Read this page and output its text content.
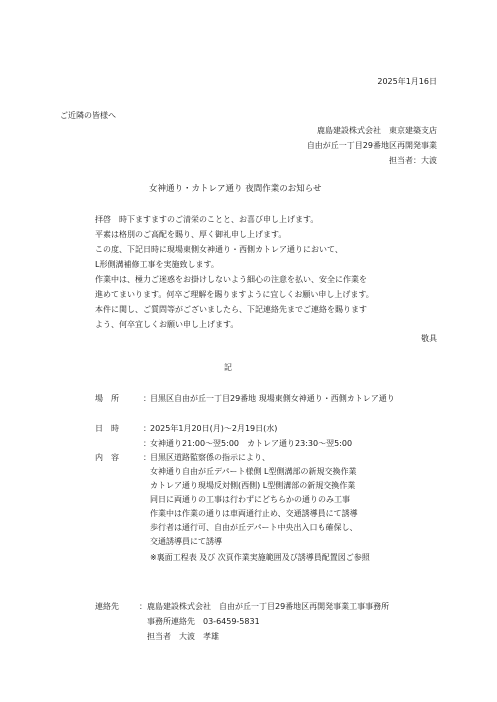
2025年1月16日
ご近隣の皆様へ
鹿島建設株式会社　東京建築支店
自由が丘一丁目29番地区再開発事業
担当者：大波
女神通り・カトレア通り 夜間作業のお知らせ
拝啓　時下ますますのご清栄のことと、お喜び申し上げます。
平素は格別のご高配を賜り、厚く御礼申し上げます。
この度、下記日時に現場東側女神通り・西側カトレア通りにおいて、
L形側溝補修工事を実施致します。
作業中は、極力ご迷惑をお掛けしないよう細心の注意を払い、安全に作業を
進めてまいります。何卒ご理解を賜りますように宜しくお願い申し上げます。
本件に関し、ご質問等がございましたら、下記連絡先までご連絡を賜ります
よう、何卒宜しくお願い申し上げます。
敬具
記
場　所	： 目黒区自由が丘一丁目29番地 現場東側女神通り・西側カトレア通り
日　時	： 2025年1月20日(月)～2月19日(水)
： 女神通り21:00～翌5:00　カトレア通り23:30～翌5:00
内　容	： 目黒区道路監察係の指示により、
女神通り自由が丘デパート様側 L型側溝部の新規交換作業
カトレア通り現場反対側(西側) L型側溝部の新規交換作業
同日に両通りの工事は行わずにどちらかの通りのみ工事
作業中は作業の通りは車両通行止め、交通誘導員にて誘導
歩行者は通行可、自由が丘デパート中央出入口も確保し、
交通誘導員にて誘導
※裏面工程表 及び 次頁作業実施範囲及び誘導員配置図ご参照
連絡先	： 鹿島建設株式会社　自由が丘一丁目29番地区再開発事業工事事務所
事務所連絡先　03-6459-5831
担当者　大波　孝雄
